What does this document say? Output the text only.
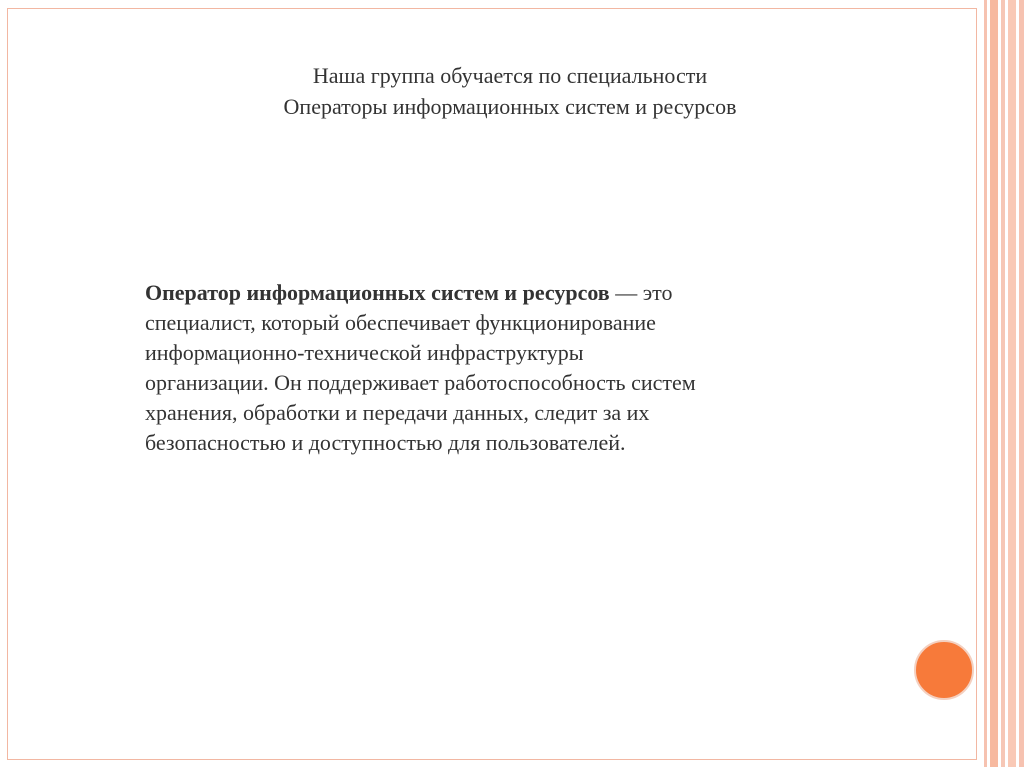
Наша группа обучается по специальности
Операторы информационных систем и ресурсов
Оператор информационных систем и ресурсов — это
специалист, который обеспечивает функционирование
информационно-технической инфраструктуры
организации. Он поддерживает работоспособность систем
хранения, обработки и передачи данных, следит за их
безопасностью и доступностью для пользователей.
